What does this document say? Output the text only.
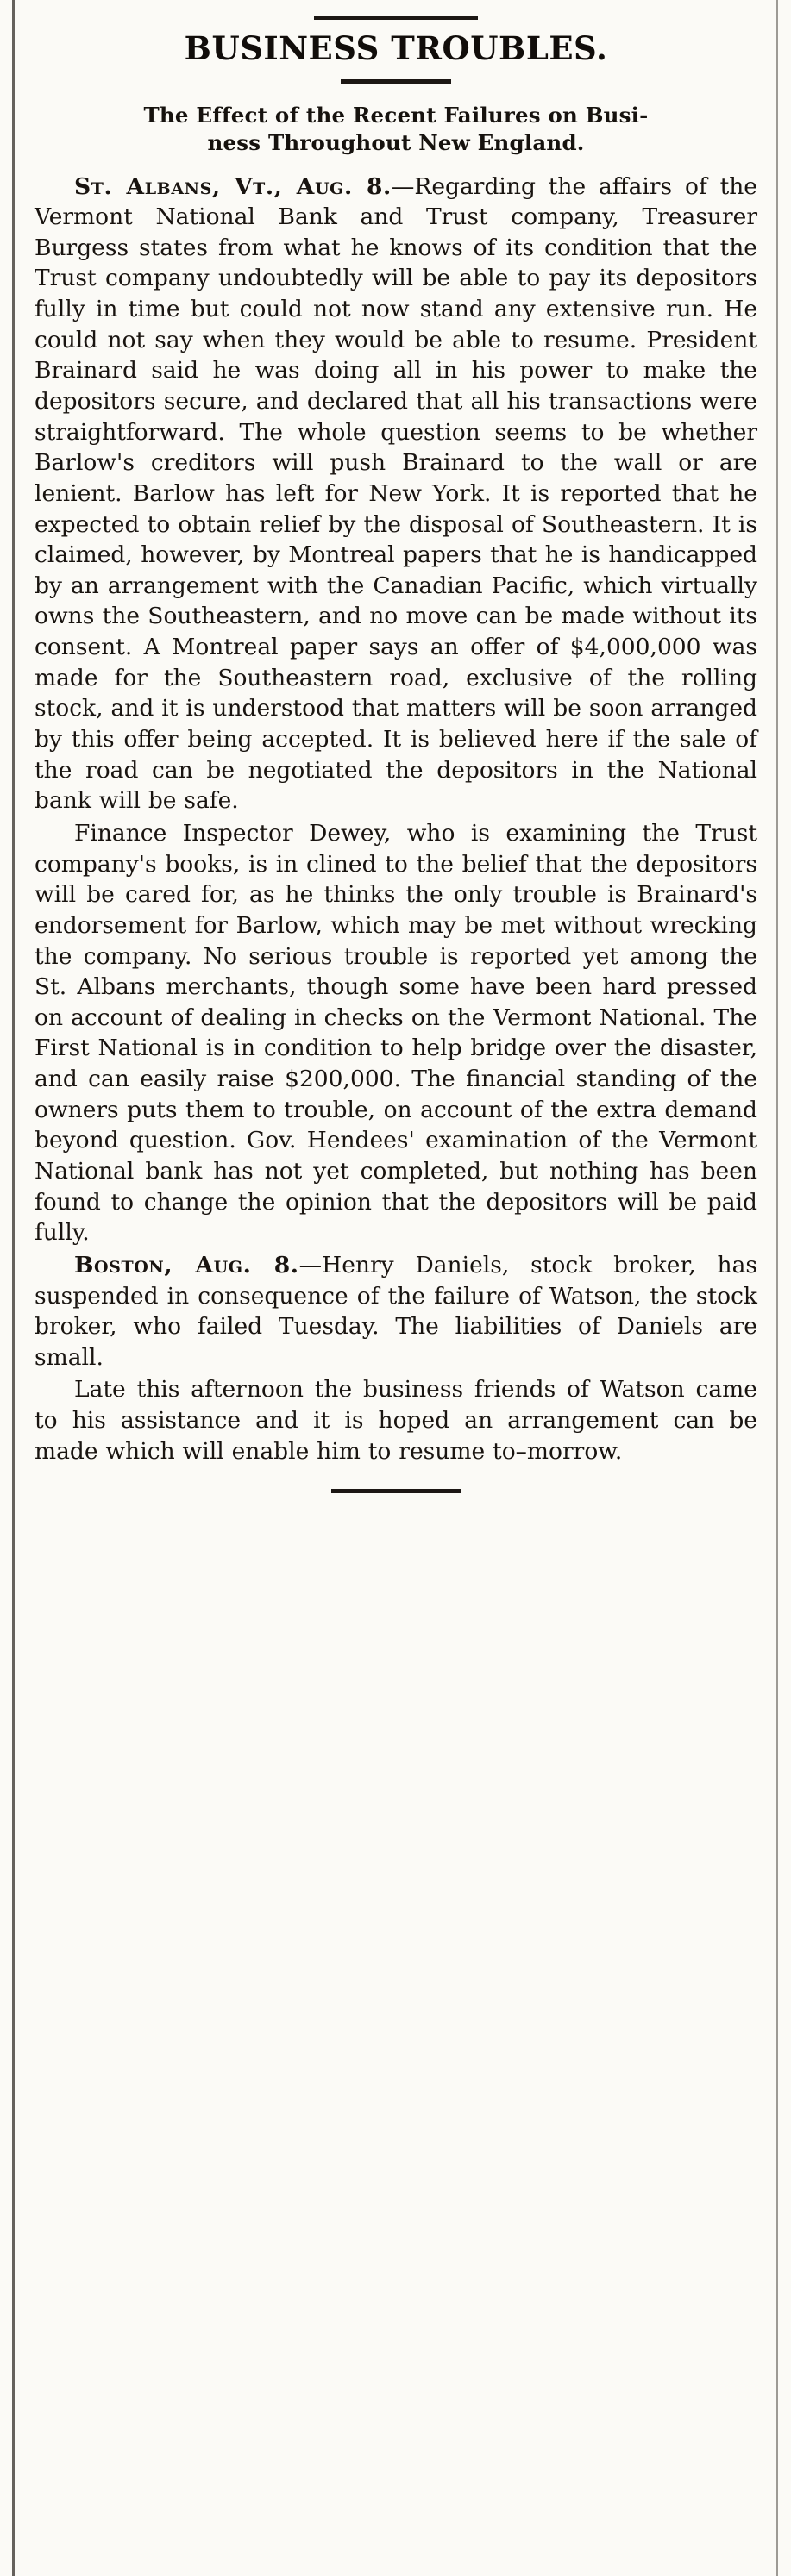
BUSINESS TROUBLES.
The Effect of the Recent Failures on Busi-
ness Throughout New England.

St. Albans, Vt., Aug. 8.—Regarding the affairs of the Vermont National Bank and Trust company, Treasurer Burgess states from what he knows of its condition that the Trust company undoubtedly will be able to pay its depositors fully in time but could not now stand any extensive run. He could not say when they would be able to resume. President Brainard said he was doing all in his power to make the depositors secure, and declared that all his transactions were straightforward. The whole question seems to be whether Barlow's creditors will push Brainard to the wall or are lenient. Barlow has left for New York. It is reported that he expected to obtain relief by the disposal of Southeastern. It is claimed, however, by Montreal papers that he is handicapped by an arrangement with the Canadian Pacific, which virtually owns the Southeastern, and no move can be made without its consent. A Montreal paper says an offer of $4,000,000 was made for the Southeastern road, exclusive of the rolling stock, and it is understood that matters will be soon arranged by this offer being accepted. It is believed here if the sale of the road can be negotiated the depositors in the National bank will be safe.

Finance Inspector Dewey, who is examining the Trust company's books, is in clined to the belief that the depositors will be cared for, as he thinks the only trouble is Brainard's endorsement for Barlow, which may be met without wrecking the company. No serious trouble is reported yet among the St. Albans merchants, though some have been hard pressed on account of dealing in checks on the Vermont National. The First National is in condition to help bridge over the disaster, and can easily raise $200,000. The financial standing of the owners puts them to trouble, on account of the extra demand beyond question. Gov. Hendees' examination of the Vermont National bank has not yet completed, but nothing has been found to change the opinion that the depositors will be paid fully.

Boston, Aug. 8.—Henry Daniels, stock broker, has suspended in consequence of the failure of Watson, the stock broker, who failed Tuesday. The liabilities of Daniels are small.

Late this afternoon the business friends of Watson came to his assistance and it is hoped an arrangement can be made which will enable him to resume to–morrow.
